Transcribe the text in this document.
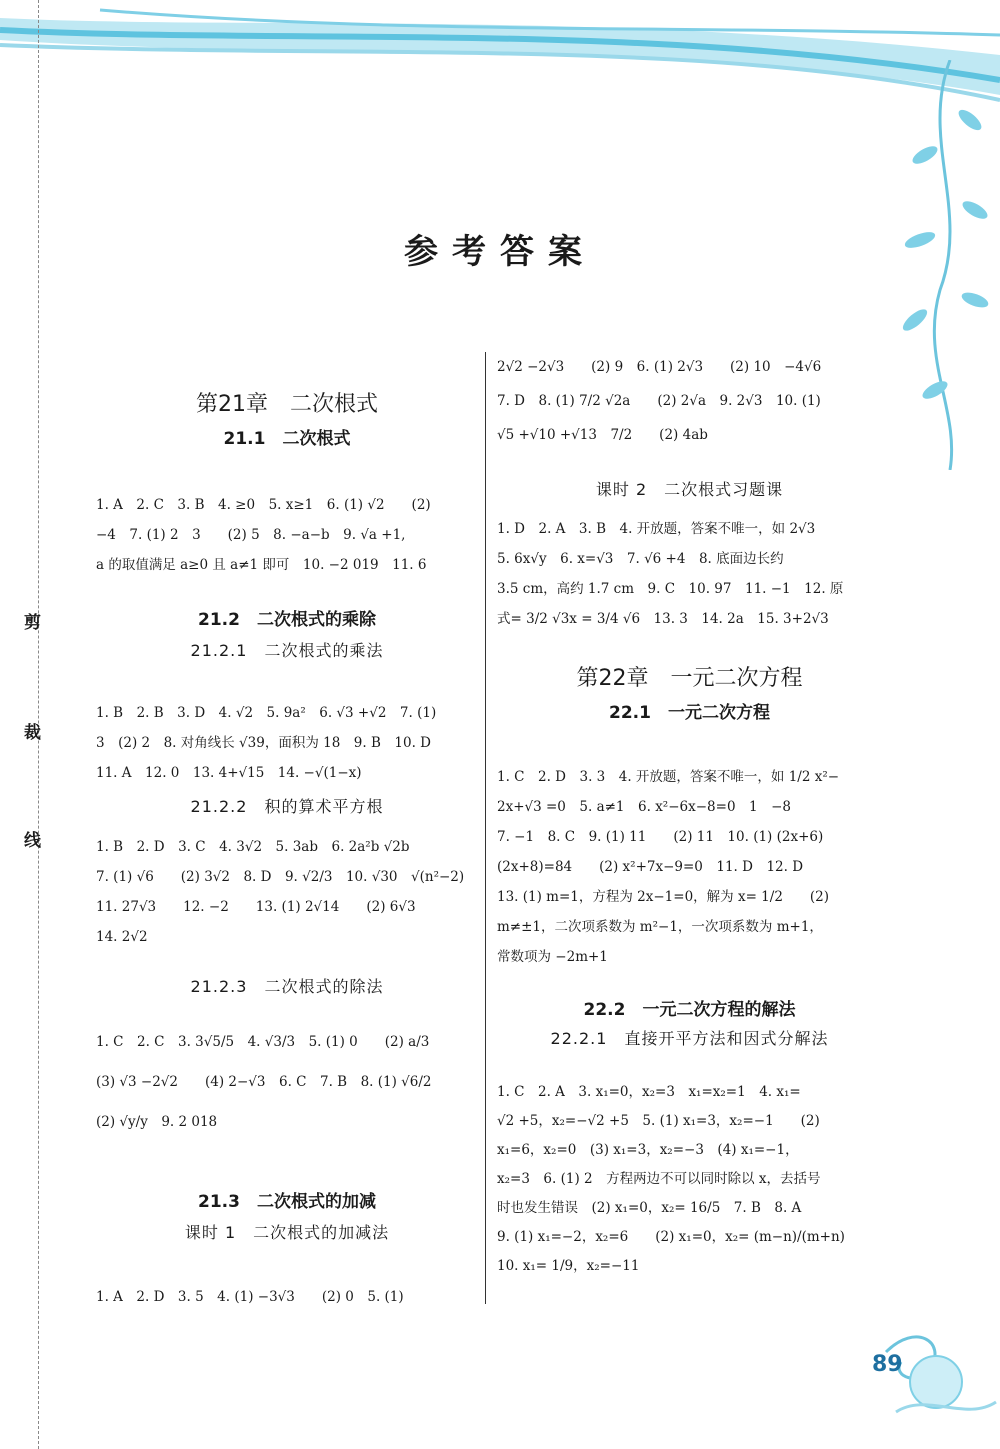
剪
裁
线
参考答案
第21章　二次根式
21.1　二次根式
1. A　2. C　3. B　4. ≥0　5. x≥1　6. (1) √2　　(2)
−4　7. (1) 2　3　　(2) 5　8. −a−b　9. √a +1,
a 的取值满足 a≥0 且 a≠1 即可　10. −2 019　11. 6
21.2　二次根式的乘除
21.2.1　二次根式的乘法
1. B　2. B　3. D　4. √2　5. 9a²　6. √3 +√2　7. (1)
3　(2) 2　8. 对角线长 √39，面积为 18　9. B　10. D
11. A　12. 0　13. 4+√15　14. −√(1−x)
21.2.2　积的算术平方根
1. B　2. D　3. C　4. 3√2　5. 3ab　6. 2a²b √2b
7. (1) √6　　(2) 3√2　8. D　9. √2/3　10. √30　√(n²−2)
11. 27√3　　12. −2　　13. (1) 2√14　　(2) 6√3
14. 2√2
21.2.3　二次根式的除法
1. C　2. C　3. 3√5/5　4. √3/3　5. (1) 0　　(2) a/3
(3) √3 −2√2　　(4) 2−√3　6. C　7. B　8. (1) √6/2
(2) √y/y　9. 2 018
21.3　二次根式的加减
课时 1　二次根式的加减法
1. A　2. D　3. 5　4. (1) −3√3　　(2) 0　5. (1)
2√2 −2√3　　(2) 9　6. (1) 2√3　　(2) 10　−4√6
7. D　8. (1) 7/2 √2a　　(2) 2√a　9. 2√3　10. (1)
√5 +√10 +√13　7/2　　(2) 4ab
课时 2　二次根式习题课
1. D　2. A　3. B　4. 开放题，答案不唯一，如 2√3
5. 6x√y　6. x=√3　7. √6 +4　8. 底面边长约
3.5 cm，高约 1.7 cm　9. C　10. 97　11. −1　12. 原
式= 3/2 √3x = 3/4 √6　13. 3　14. 2a　15. 3+2√3
第22章　一元二次方程
22.1　一元二次方程
1. C　2. D　3. 3　4. 开放题，答案不唯一，如 1/2 x²−
2x+√3 =0　5. a≠1　6. x²−6x−8=0　1　−8
7. −1　8. C　9. (1) 11　　(2) 11　10. (1) (2x+6)
(2x+8)=84　　(2) x²+7x−9=0　11. D　12. D
13. (1) m=1，方程为 2x−1=0，解为 x= 1/2　　(2)
m≠±1，二次项系数为 m²−1，一次项系数为 m+1，
常数项为 −2m+1
22.2　一元二次方程的解法
22.2.1　直接开平方法和因式分解法
1. C　2. A　3. x₁=0，x₂=3　x₁=x₂=1　4. x₁=
√2 +5，x₂=−√2 +5　5. (1) x₁=3，x₂=−1　　(2)
x₁=6，x₂=0　(3) x₁=3，x₂=−3　(4) x₁=−1，
x₂=3　6. (1) 2　方程两边不可以同时除以 x，去括号
时也发生错误　(2) x₁=0，x₂= 16/5　7. B　8. A
9. (1) x₁=−2，x₂=6　　(2) x₁=0，x₂= (m−n)/(m+n)
10. x₁= 1/9，x₂=−11
89
